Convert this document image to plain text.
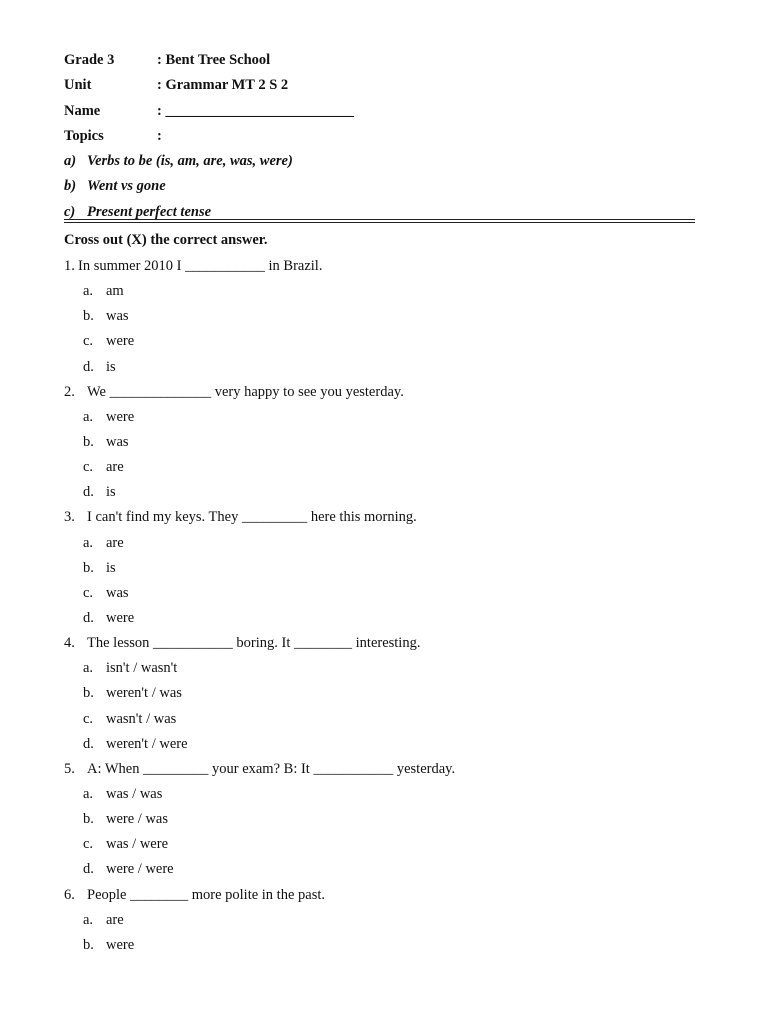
Grade 3	: Bent Tree School
Unit	: Grammar MT 2 S 2
Name	: __________________________
Topics	:
a) Verbs to be (is, am, are, was, were)
b) Went vs gone
c) Present perfect tense
Cross out (X) the correct answer.
1. In summer 2010 I ___________ in Brazil.
a. am
b. was
c. were
d. is
2. We ______________ very happy to see you yesterday.
a. were
b. was
c. are
d. is
3. I can't find my keys. They _________ here this morning.
a. are
b. is
c. was
d. were
4. The lesson ___________ boring. It ________ interesting.
a. isn't / wasn't
b. weren't / was
c. wasn't / was
d. weren't / were
5. A: When _________ your exam? B: It ___________ yesterday.
a. was / was
b. were / was
c. was / were
d. were / were
6. People ________ more polite in the past.
a. are
b. were
